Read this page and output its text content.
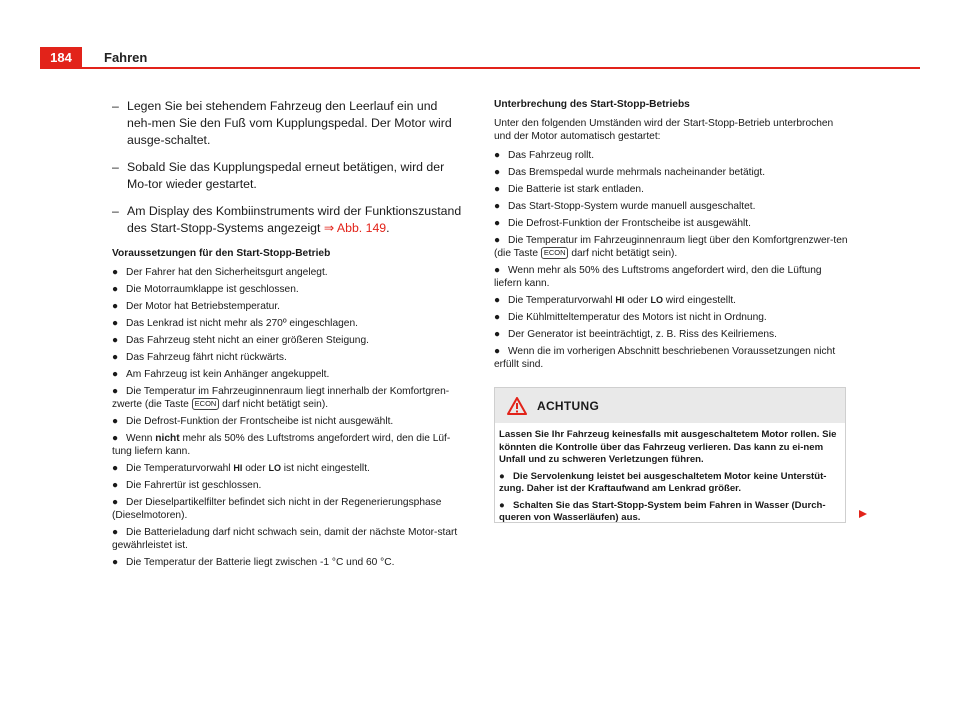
184	Fahren
– Legen Sie bei stehendem Fahrzeug den Leerlauf ein und neh-men Sie den Fuß vom Kupplungspedal. Der Motor wird ausge-schaltet.
– Sobald Sie das Kupplungspedal erneut betätigen, wird der Mo-tor wieder gestartet.
– Am Display des Kombiinstruments wird der Funktionszustand des Start-Stopp-Systems angezeigt ⇒ Abb. 149.
Voraussetzungen für den Start-Stopp-Betrieb
● Der Fahrer hat den Sicherheitsgurt angelegt.
● Die Motorraumklappe ist geschlossen.
● Der Motor hat Betriebstemperatur.
● Das Lenkrad ist nicht mehr als 270º eingeschlagen.
● Das Fahrzeug steht nicht an einer größeren Steigung.
● Das Fahrzeug fährt nicht rückwärts.
● Am Fahrzeug ist kein Anhänger angekuppelt.
● Die Temperatur im Fahrzeuginnenraum liegt innerhalb der Komfortgren-zwerte (die Taste ECON darf nicht betätigt sein).
● Die Defrost-Funktion der Frontscheibe ist nicht ausgewählt.
● Wenn nicht mehr als 50% des Luftstroms angefordert wird, den die Lüf-tung liefern kann.
● Die Temperaturvorwahl HI oder LO ist nicht eingestellt.
● Die Fahrertür ist geschlossen.
● Der Dieselpartikelfilter befindet sich nicht in der Regenerierungsphase (Dieselmotoren).
● Die Batterieladung darf nicht schwach sein, damit der nächste Motor-start gewährleistet ist.
● Die Temperatur der Batterie liegt zwischen -1 °C und 60 °C.
Unterbrechung des Start-Stopp-Betriebs
Unter den folgenden Umständen wird der Start-Stopp-Betrieb unterbrochen und der Motor automatisch gestartet:
● Das Fahrzeug rollt.
● Das Bremspedal wurde mehrmals nacheinander betätigt.
● Die Batterie ist stark entladen.
● Das Start-Stopp-System wurde manuell ausgeschaltet.
● Die Defrost-Funktion der Frontscheibe ist ausgewählt.
● Die Temperatur im Fahrzeuginnenraum liegt über den Komfortgrenzwer-ten (die Taste ECON darf nicht betätigt sein).
● Wenn mehr als 50% des Luftstroms angefordert wird, den die Lüftung liefern kann.
● Die Temperaturvorwahl HI oder LO wird eingestellt.
● Die Kühlmitteltemperatur des Motors ist nicht in Ordnung.
● Der Generator ist beeinträchtigt, z. B. Riss des Keilriemens.
● Wenn die im vorherigen Abschnitt beschriebenen Voraussetzungen nicht erfüllt sind.
ACHTUNG

Lassen Sie Ihr Fahrzeug keinesfalls mit ausgeschaltetem Motor rollen. Sie könnten die Kontrolle über das Fahrzeug verlieren. Das kann zu ei-nem Unfall und zu schweren Verletzungen führen.

● Die Servolenkung leistet bei ausgeschaltetem Motor keine Unterstüt-zung. Daher ist der Kraftaufwand am Lenkrad größer.
● Schalten Sie das Start-Stopp-System beim Fahren in Wasser (Durch-queren von Wasserläufen) aus.
